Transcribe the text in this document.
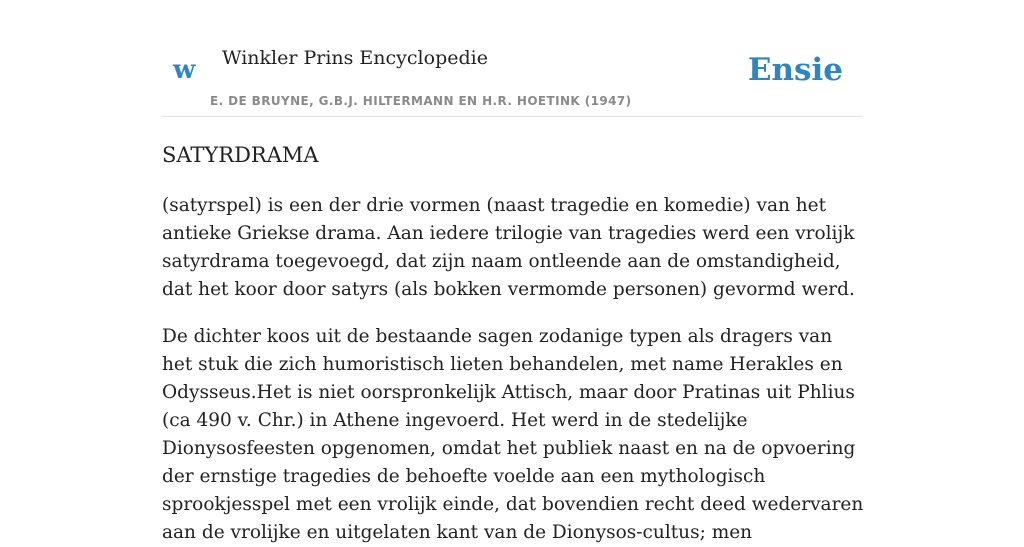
w Winkler Prins Encyclopedie
E. DE BRUYNE, G.B.J. HILTERMANN EN H.R. HOETINK (1947)
Ensie
SATYRDRAMA

(satyrspel) is een der drie vormen (naast tragedie en komedie) van het antieke Griekse drama. Aan iedere trilogie van tragedies werd een vrolijk satyrdrama toegevoegd, dat zijn naam ontleende aan de omstandigheid, dat het koor door satyrs (als bokken vermomde personen) gevormd werd.

De dichter koos uit de bestaande sagen zodanige typen als dragers van het stuk die zich humoristisch lieten behandelen, met name Herakles en Odysseus.Het is niet oorspronkelijk Attisch, maar door Pratinas uit Phlius (ca 490 v. Chr.) in Athene ingevoerd. Het werd in de stedelijke Dionysosfeesten opgenomen, omdat het publiek naast en na de opvoering der ernstige tragedies de behoefte voelde aan een mythologisch sprookjesspel met een vrolijk einde, dat bovendien recht deed wedervaren aan de vrolijke en uitgelaten kant van de Dionysos-cultus; men
